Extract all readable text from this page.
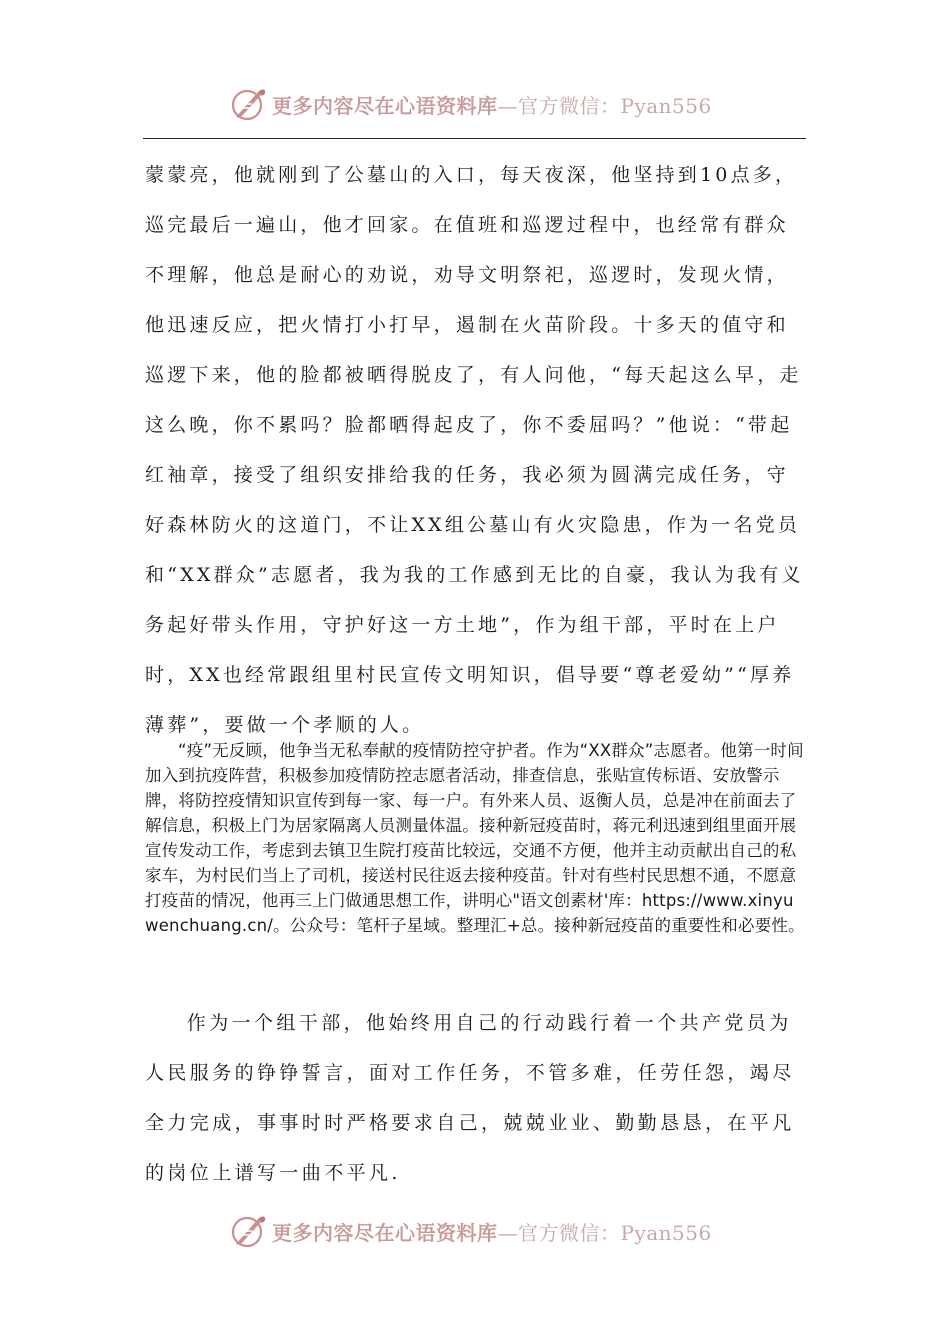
更多内容尽在心语资料库—官方微信：Pyan556

蒙蒙亮，他就刚到了公墓山的入口，每天夜深，他坚持到10点多，巡完最后一遍山，他才回家。在值班和巡逻过程中，也经常有群众不理解，他总是耐心的劝说，劝导文明祭祀，巡逻时，发现火情，他迅速反应，把火情打小打早，遏制在火苗阶段。十多天的值守和巡逻下来，他的脸都被晒得脱皮了，有人问他，“每天起这么早，走这么晚，你不累吗？脸都晒得起皮了，你不委屈吗？”他说：“带起红袖章，接受了组织安排给我的任务，我必须为圆满完成任务，守好森林防火的这道门，不让XX组公墓山有火灾隐患，作为一名党员和“XX群众”志愿者，我为我的工作感到无比的自豪，我认为我有义务起好带头作用，守护好这一方土地”，作为组干部，平时在上户时，XX也经常跟组里村民宣传文明知识，倡导要“尊老爱幼”“厚养薄葬”，要做一个孝顺的人。

“疫”无反顾，他争当无私奉献的疫情防控守护者。作为“XX群众”志愿者。他第一时间加入到抗疫阵营，积极参加疫情防控志愿者活动，排查信息，张贴宣传标语、安放警示牌，将防控疫情知识宣传到每一家、每一户。有外来人员、返衡人员，总是冲在前面去了解信息，积极上门为居家隔离人员测量体温。接种新冠疫苗时，蒋元利迅速到组里面开展宣传发动工作，考虑到去镇卫生院打疫苗比较远，交通不方便，他并主动贡献出自己的私家车，为村民们当上了司机，接送村民往返去接种疫苗。针对有些村民思想不通，不愿意打疫苗的情况，他再三上门做通思想工作，讲明心"语文创素材'库：https://www.xinyuwenchuang.cn/。公众号：笔杆子星域。整理汇+总。接种新冠疫苗的重要性和必要性。

作为一个组干部，他始终用自己的行动践行着一个共产党员为人民服务的铮铮誓言，面对工作任务，不管多难，任劳任怨，竭尽全力完成，事事时时严格要求自己，兢兢业业、勤勤恳恳，在平凡的岗位上谱写一曲不平凡.

更多内容尽在心语资料库—官方微信：Pyan556
